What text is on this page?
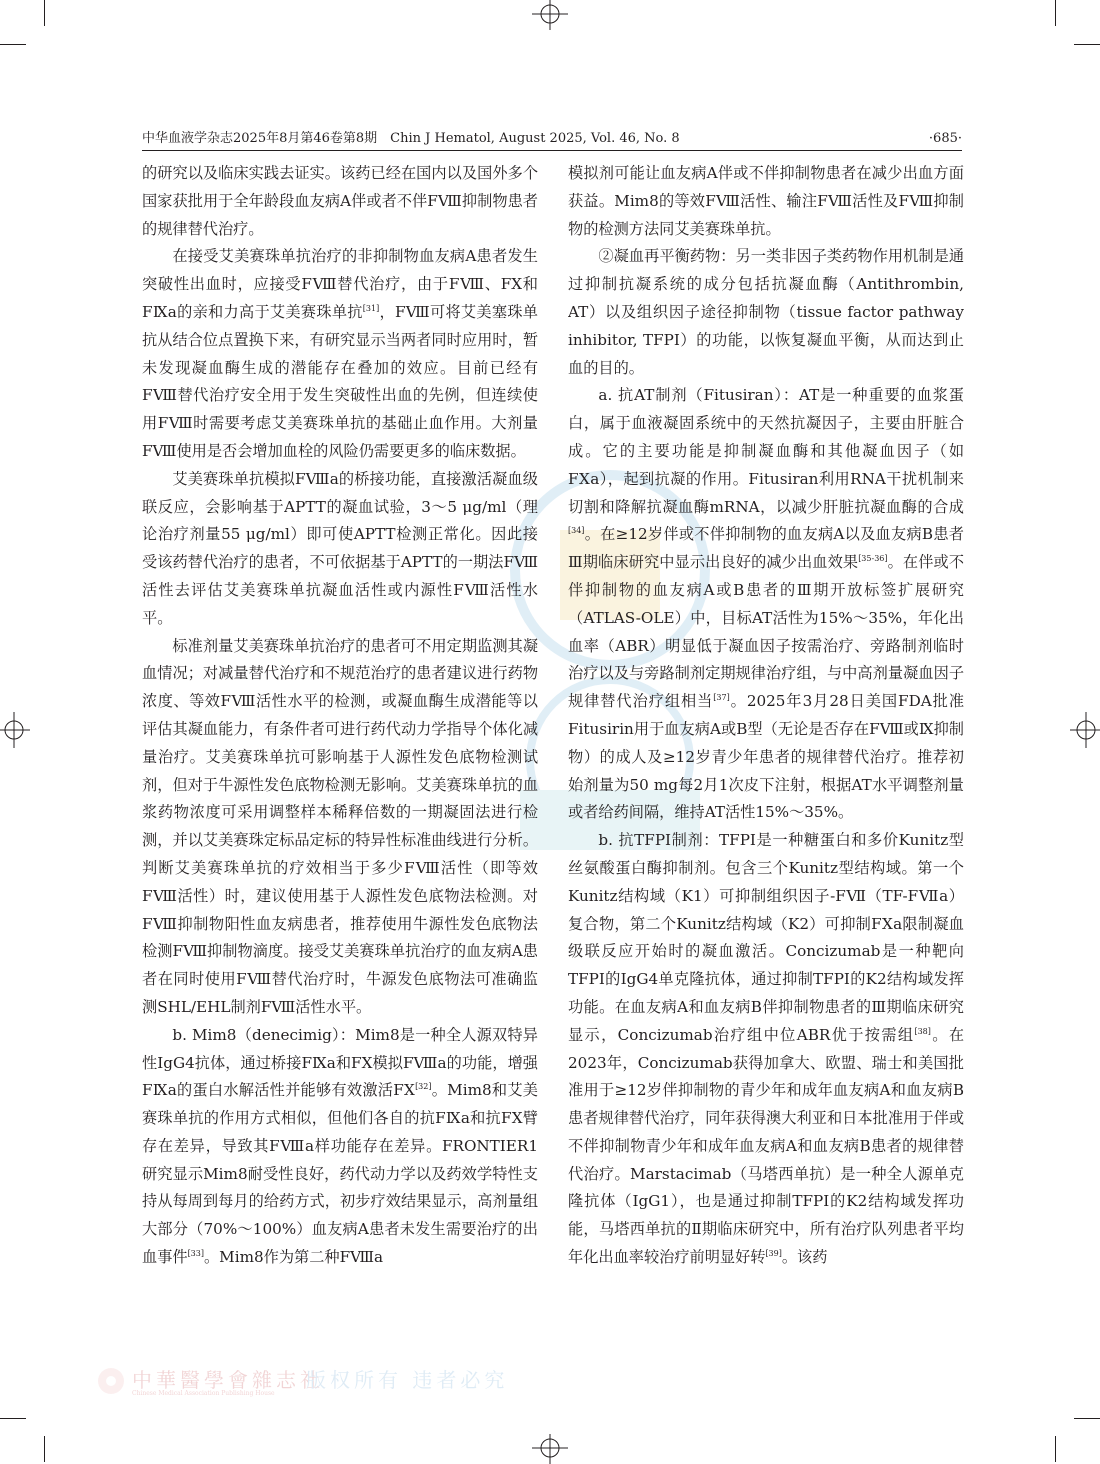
中华血液学杂志2025年8月第46卷第8期　Chin J Hematol, August 2025, Vol. 46, No. 8	·685·

的研究以及临床实践去证实。该药已经在国内以及国外多个国家获批用于全年龄段血友病A伴或者不伴FⅧ抑制物患者的规律替代治疗。

在接受艾美赛珠单抗治疗的非抑制物血友病A患者发生突破性出血时，应接受FⅧ替代治疗，由于FⅧ、FX和FⅨa的亲和力高于艾美赛珠单抗[31]，FⅧ可将艾美塞珠单抗从结合位点置换下来，有研究显示当两者同时应用时，暂未发现凝血酶生成的潜能存在叠加的效应。目前已经有FⅧ替代治疗安全用于发生突破性出血的先例，但连续使用FⅧ时需要考虑艾美赛珠单抗的基础止血作用。大剂量FⅧ使用是否会增加血栓的风险仍需要更多的临床数据。

艾美赛珠单抗模拟FⅧa的桥接功能，直接激活凝血级联反应，会影响基于APTT的凝血试验，3～5 μg/ml（理论治疗剂量55 μg/ml）即可使APTT检测正常化。因此接受该药替代治疗的患者，不可依据基于APTT的一期法FⅧ活性去评估艾美赛珠单抗凝血活性或内源性FⅧ活性水平。

标准剂量艾美赛珠单抗治疗的患者可不用定期监测其凝血情况；对减量替代治疗和不规范治疗的患者建议进行药物浓度、等效FⅧ活性水平的检测，或凝血酶生成潜能等以评估其凝血能力，有条件者可进行药代动力学指导个体化减量治疗。艾美赛珠单抗可影响基于人源性发色底物检测试剂，但对于牛源性发色底物检测无影响。艾美赛珠单抗的血浆药物浓度可采用调整样本稀释倍数的一期凝固法进行检测，并以艾美赛珠定标品定标的特异性标准曲线进行分析。判断艾美赛珠单抗的疗效相当于多少FⅧ活性（即等效FⅧ活性）时，建议使用基于人源性发色底物法检测。对FⅧ抑制物阳性血友病患者，推荐使用牛源性发色底物法检测FⅧ抑制物滴度。接受艾美赛珠单抗治疗的血友病A患者在同时使用FⅧ替代治疗时，牛源发色底物法可准确监测SHL/EHL制剂FⅧ活性水平。

b. Mim8（denecimig）：Mim8是一种全人源双特异性IgG4抗体，通过桥接FⅨa和FⅩ模拟FⅧa的功能，增强FⅨa的蛋白水解活性并能够有效激活FⅩ[32]。Mim8和艾美赛珠单抗的作用方式相似，但他们各自的抗FⅨa和抗FⅩ臂存在差异，导致其FⅧa样功能存在差异。FRONTIER1研究显示Mim8耐受性良好，药代动力学以及药效学特性支持从每周到每月的给药方式，初步疗效结果显示，高剂量组大部分（70%～100%）血友病A患者未发生需要治疗的出血事件[33]。Mim8作为第二种FⅧa

模拟剂可能让血友病A伴或不伴抑制物患者在减少出血方面获益。Mim8的等效FⅧ活性、输注FⅧ活性及FⅧ抑制物的检测方法同艾美赛珠单抗。

②凝血再平衡药物：另一类非因子类药物作用机制是通过抑制抗凝系统的成分包括抗凝血酶（Antithrombin, AT）以及组织因子途径抑制物（tissue factor pathway inhibitor, TFPI）的功能，以恢复凝血平衡，从而达到止血的目的。

a. 抗AT制剂（Fitusiran）：AT是一种重要的血浆蛋白，属于血液凝固系统中的天然抗凝因子，主要由肝脏合成。它的主要功能是抑制凝血酶和其他凝血因子（如FⅩa），起到抗凝的作用。Fitusiran利用RNA干扰机制来切割和降解抗凝血酶mRNA，以减少肝脏抗凝血酶的合成[34]。在≥12岁伴或不伴抑制物的血友病A以及血友病B患者Ⅲ期临床研究中显示出良好的减少出血效果[35-36]。在伴或不伴抑制物的血友病A或B患者的Ⅲ期开放标签扩展研究（ATLAS-OLE）中，目标AT活性为15%～35%，年化出血率（ABR）明显低于凝血因子按需治疗、旁路制剂临时治疗以及与旁路制剂定期规律治疗组，与中高剂量凝血因子规律替代治疗组相当[37]。2025年3月28日美国FDA批准Fitusirin用于血友病A或B型（无论是否存在FⅧ或Ⅸ抑制物）的成人及≥12岁青少年患者的规律替代治疗。推荐初始剂量为50 mg每2月1次皮下注射，根据AT水平调整剂量或者给药间隔，维持AT活性15%～35%。

b. 抗TFPI制剂：TFPI是一种糖蛋白和多价Kunitz型丝氨酸蛋白酶抑制剂。包含三个Kunitz型结构域。第一个Kunitz结构域（K1）可抑制组织因子-FⅦ（TF-FⅦa）复合物，第二个Kunitz结构域（K2）可抑制FⅩa限制凝血级联反应开始时的凝血激活。Concizumab是一种靶向TFPI的IgG4单克隆抗体，通过抑制TFPI的K2结构域发挥功能。在血友病A和血友病B伴抑制物患者的Ⅲ期临床研究显示，Concizumab治疗组中位ABR优于按需组[38]。在2023年，Concizumab获得加拿大、欧盟、瑞士和美国批准用于≥12岁伴抑制物的青少年和成年血友病A和血友病B患者规律替代治疗，同年获得澳大利亚和日本批准用于伴或不伴抑制物青少年和成年血友病A和血友病B患者的规律替代治疗。Marstacimab（马塔西单抗）是一种全人源单克隆抗体（IgG1），也是通过抑制TFPI的K2结构域发挥功能，马塔西单抗的Ⅱ期临床研究中，所有治疗队列患者平均年化出血率较治疗前明显好转[39]。该药

中華醫學會雜志社
Chinese Medical Association Publishing House
版权所有 违者必究
